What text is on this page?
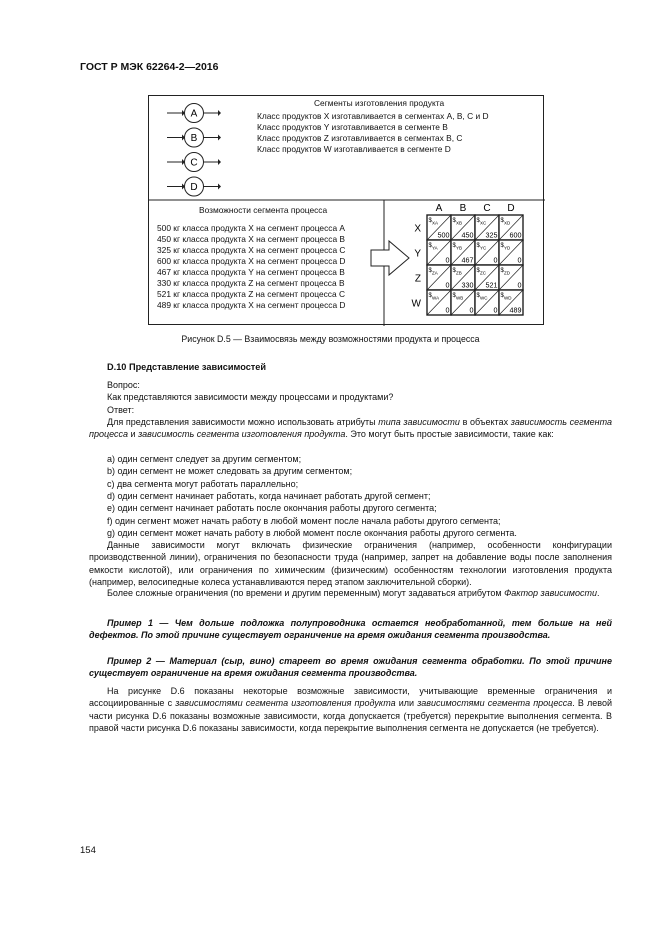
ГОСТ Р МЭК 62264-2—2016
A
B
C
D
A B C D
X
$ XA
500
$ XB
450
$ XC
325
$ XD
600
Y
$ YA
0
$ YB
467
$ YC
0
$ YD
0
Z
$ ZA
0
$ ZB
330
$ ZC
521
$ ZD
0
W
$ WA
0
$ WB
0
$ WC
0
$ WD
489
Сегменты изготовления продукта
Класс продуктов X изготавливается в сегментах A, B, C и D
Класс продуктов Y изготавливается в сегменте B
Класс продуктов Z изготавливается в сегментах B, C
Класс продуктов W изготавливается в сегменте D
Возможности сегмента процесса
500 кг класса продукта X на сегмент процесса A
450 кг класса продукта X на сегмент процесса B
325 кг класса продукта X на сегмент процесса C
600 кг класса продукта X на сегмент процесса D
467 кг класса продукта Y на сегмент процесса B
330 кг класса продукта Z на сегмент процесса B
521 кг класса продукта Z на сегмент процесса C
489 кг класса продукта X на сегмент процесса D
Рисунок D.5 — Взаимосвязь между возможностями продукта и процесса
D.10 Представление зависимостей
Вопрос:
Как представляются зависимости между процессами и продуктами?
Ответ:

Для представления зависимости можно использовать атрибуты типа зависимости в объектах зависимость сегмента процесса и зависимость сегмента изготовления продукта. Это могут быть простые зависимости, такие как:

a) один сегмент следует за другим сегментом;
b) один сегмент не может следовать за другим сегментом;
c) два сегмента могут работать параллельно;
d) один сегмент начинает работать, когда начинает работать другой сегмент;
e) один сегмент начинает работать после окончания работы другого сегмента;
f) один сегмент может начать работу в любой момент после начала работы другого сегмента;
g) один сегмент может начать работу в любой момент после окончания работы другого сегмента.

Данные зависимости могут включать физические ограничения (например, особенности конфигурации производственной линии), ограничения по безопасности труда (например, запрет на добавление воды после заполнения емкости кислотой), или ограничения по химическим (физическим) особенностям технологии изготовления продукта (например, велосипедные колеса устанавливаются перед этапом заключительной сборки).

Более сложные ограничения (по времени и другим переменным) могут задаваться атрибутом Фактор зависимости.

Пример 1 — Чем дольше подложка полупроводника остается необработанной, тем больше на ней дефектов. По этой причине существует ограничение на время ожидания сегмента производства.

Пример 2 — Материал (сыр, вино) стареет во время ожидания сегмента обработки. По этой причине существует ограничение на время ожидания сегмента производства.

На рисунке D.6 показаны некоторые возможные зависимости, учитывающие временные ограничения и ассоциированные с зависимостями сегмента изготовления продукта или зависимостями сегмента процесса. В левой части рисунка D.6 показаны возможные зависимости, когда допускается (требуется) перекрытие выполнения сегмента. В правой части рисунка D.6 показаны зависимости, когда перекрытие выполнения сегмента не допускается (не требуется).

154
